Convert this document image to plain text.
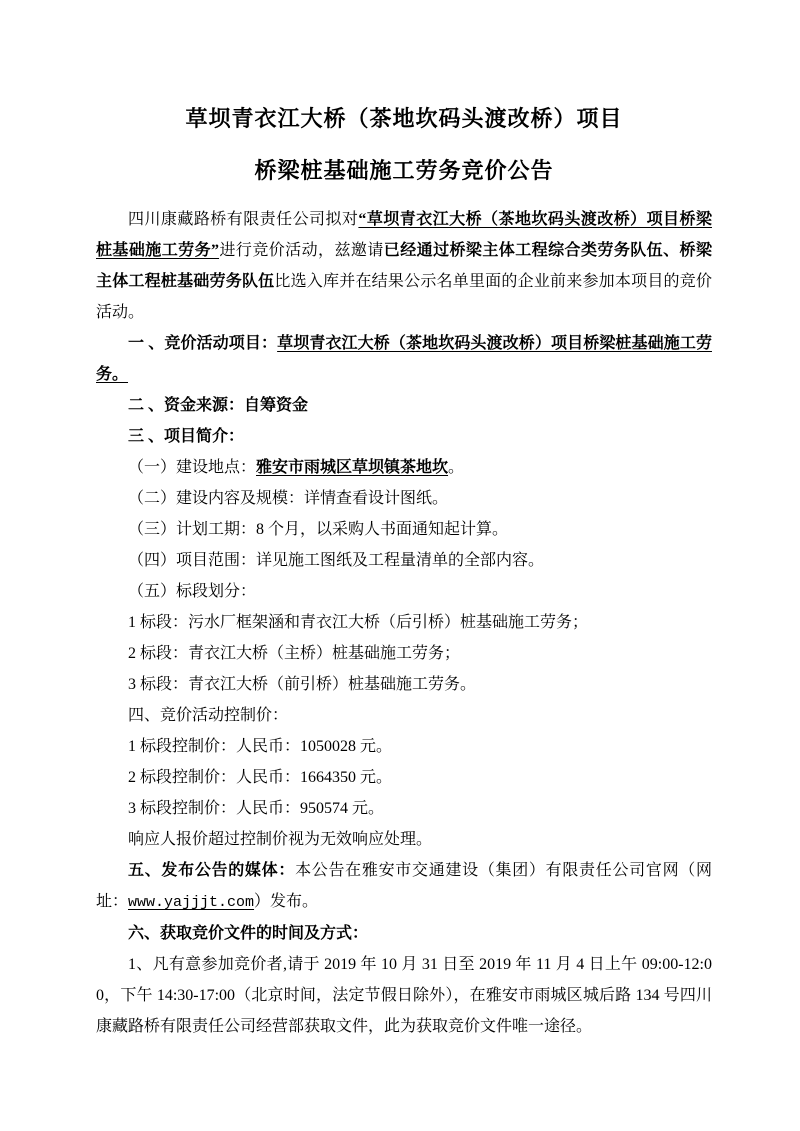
草坝青衣江大桥（茶地坎码头渡改桥）项目
桥梁桩基础施工劳务竞价公告

四川康藏路桥有限责任公司拟对“草坝青衣江大桥（茶地坎码头渡改桥）项目桥梁桩基础施工劳务”进行竞价活动，兹邀请已经通过桥梁主体工程综合类劳务队伍、桥梁主体工程桩基础劳务队伍比选入库并在结果公示名单里面的企业前来参加本项目的竞价活动。

一 、竞价活动项目：草坝青衣江大桥（茶地坎码头渡改桥）项目桥梁桩基础施工劳务。

二 、资金来源：自筹资金

三 、项目简介：

（一）建设地点：雅安市雨城区草坝镇茶地坎。

（二）建设内容及规模：详情查看设计图纸。

（三）计划工期：8 个月，以采购人书面通知起计算。

（四）项目范围：详见施工图纸及工程量清单的全部内容。

（五）标段划分：

1 标段：污水厂框架涵和青衣江大桥（后引桥）桩基础施工劳务；

2 标段：青衣江大桥（主桥）桩基础施工劳务；

3 标段：青衣江大桥（前引桥）桩基础施工劳务。

四、竞价活动控制价：

1 标段控制价：人民币：1050028 元。

2 标段控制价：人民币：1664350 元。

3 标段控制价：人民币：950574 元。

响应人报价超过控制价视为无效响应处理。

五、发布公告的媒体：本公告在雅安市交通建设（集团）有限责任公司官网（网址：www.yajjjt.com）发布。

六、获取竞价文件的时间及方式：

1、凡有意参加竞价者,请于 2019 年 10 月 31 日至 2019 年 11 月 4 日上午 09:00-12:00，下午 14:30-17:00（北京时间，法定节假日除外），在雅安市雨城区城后路 134 号四川康藏路桥有限责任公司经营部获取文件，此为获取竞价文件唯一途径。
